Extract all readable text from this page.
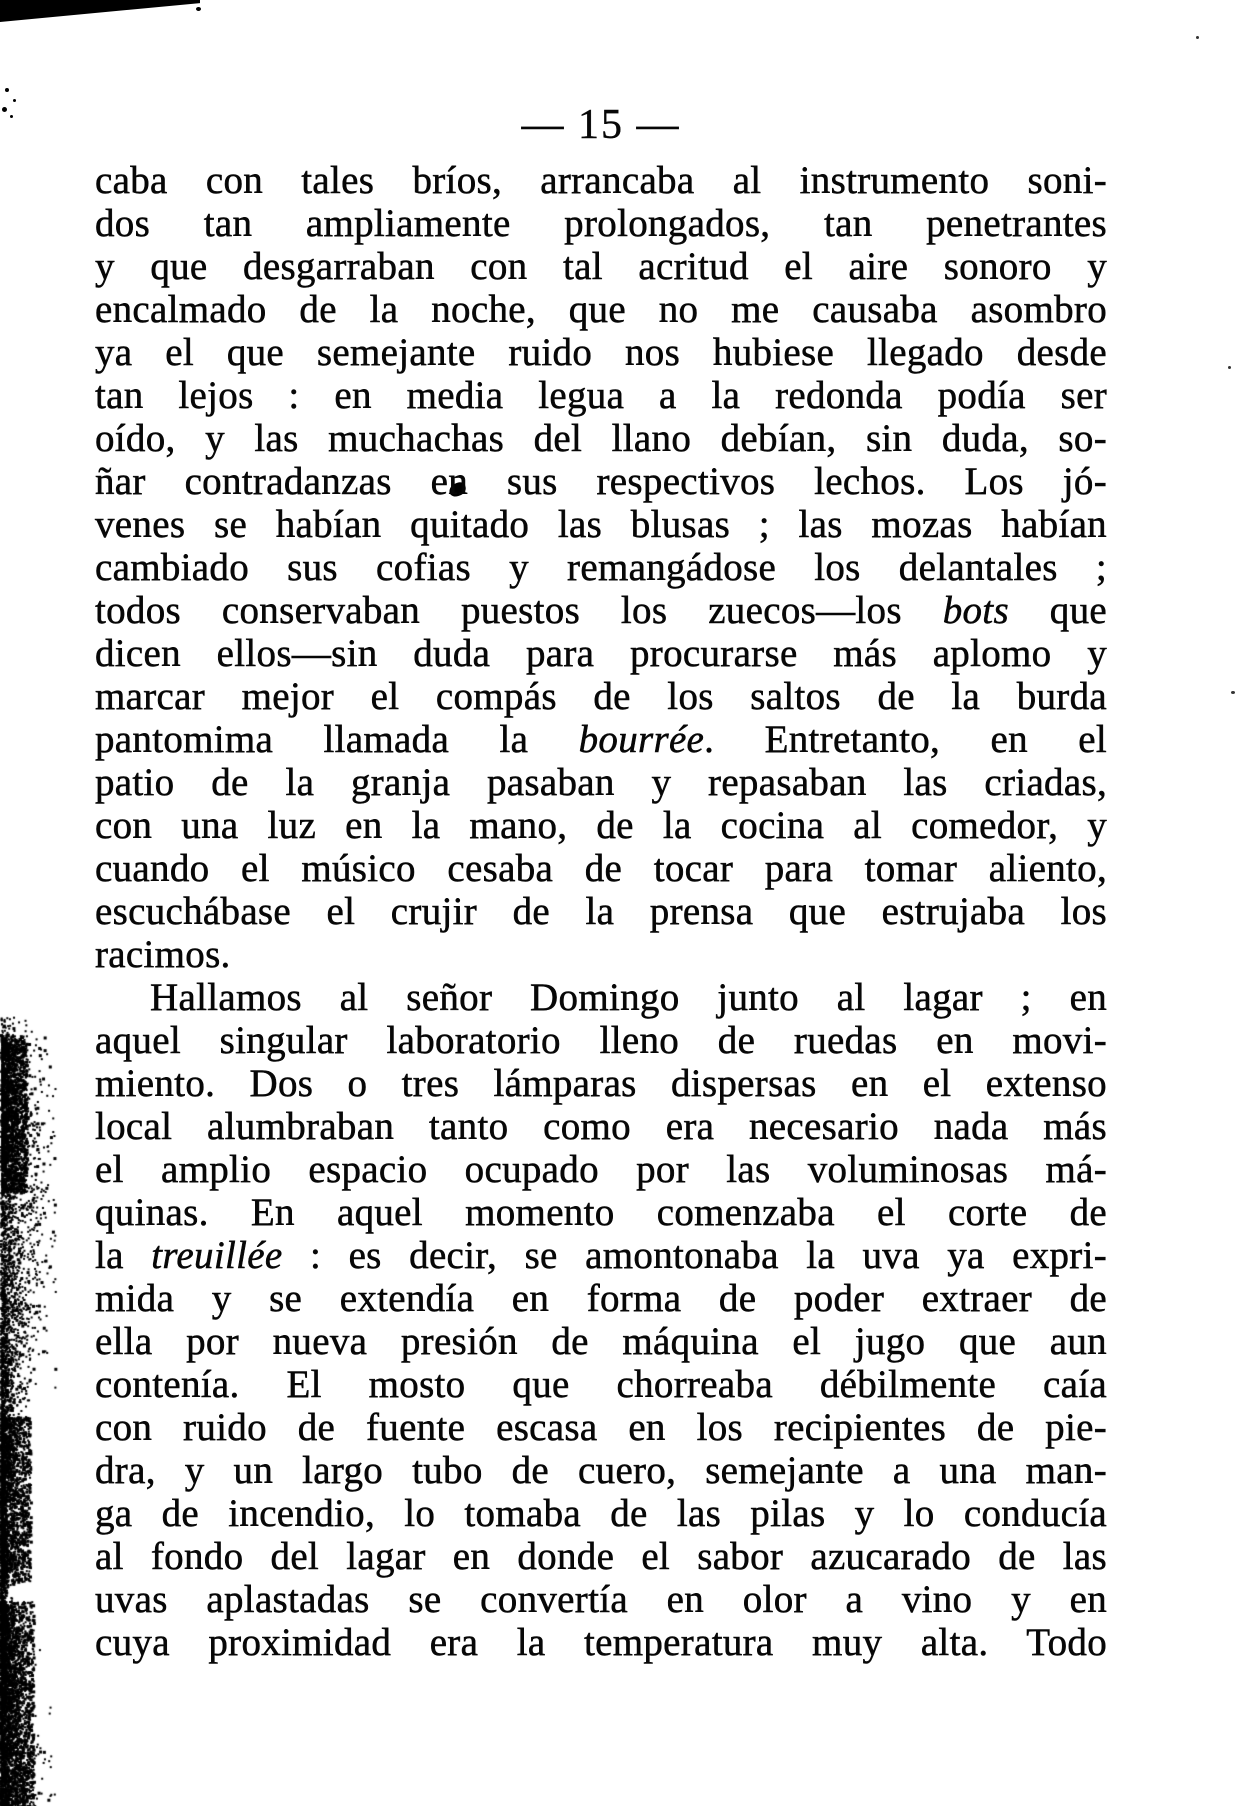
— 15 —
caba con tales bríos, arrancaba al instrumento soni-
dos tan ampliamente prolongados, tan penetrantes
y que desgarraban con tal acritud el aire sonoro y
encalmado de la noche, que no me causaba asombro
ya el que semejante ruido nos hubiese llegado desde
tan lejos : en media legua a la redonda podía ser
oído, y las muchachas del llano debían, sin duda, so-
ñar contradanzas en sus respectivos lechos. Los jó-
venes se habían quitado las blusas ; las mozas habían
cambiado sus cofias y remangádose los delantales ;
todos conservaban puestos los zuecos—los bots que
dicen ellos—sin duda para procurarse más aplomo y
marcar mejor el compás de los saltos de la burda
pantomima llamada la bourrée. Entretanto, en el
patio de la granja pasaban y repasaban las criadas,
con una luz en la mano, de la cocina al comedor, y
cuando el músico cesaba de tocar para tomar aliento,
escuchábase el crujir de la prensa que estrujaba los
racimos.
Hallamos al señor Domingo junto al lagar ; en
aquel singular laboratorio lleno de ruedas en movi-
miento. Dos o tres lámparas dispersas en el extenso
local alumbraban tanto como era necesario nada más
el amplio espacio ocupado por las voluminosas má-
quinas. En aquel momento comenzaba el corte de
la treuillée : es decir, se amontonaba la uva ya expri-
mida y se extendía en forma de poder extraer de
ella por nueva presión de máquina el jugo que aun
contenía. El mosto que chorreaba débilmente caía
con ruido de fuente escasa en los recipientes de pie-
dra, y un largo tubo de cuero, semejante a una man-
ga de incendio, lo tomaba de las pilas y lo conducía
al fondo del lagar en donde el sabor azucarado de las
uvas aplastadas se convertía en olor a vino y en
cuya proximidad era la temperatura muy alta. Todo
